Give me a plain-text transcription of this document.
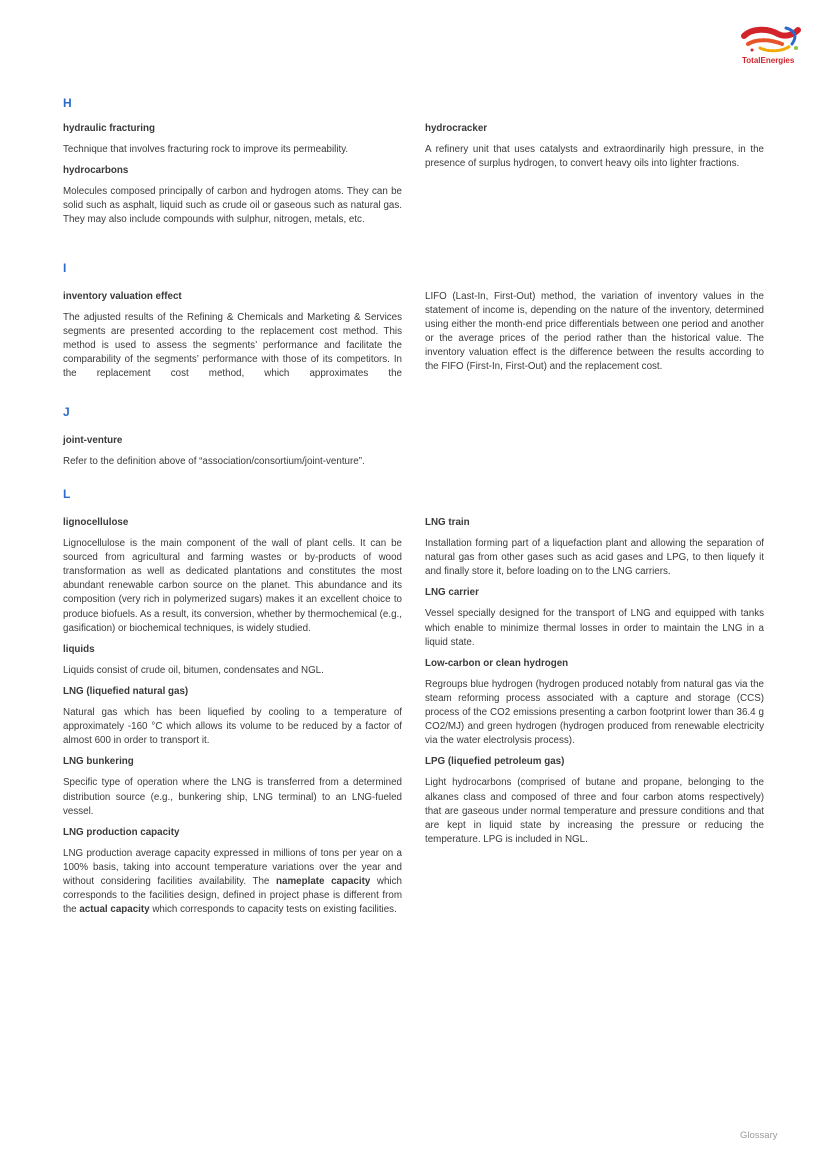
TotalEnergies
H
hydraulic fracturing
Technique that involves fracturing rock to improve its permeability.
hydrocarbons
Molecules composed principally of carbon and hydrogen atoms. They can be solid such as asphalt, liquid such as crude oil or gaseous such as natural gas. They may also include compounds with sulphur, nitrogen, metals, etc.
hydrocracker
A refinery unit that uses catalysts and extraordinarily high pressure, in the presence of surplus hydrogen, to convert heavy oils into lighter fractions.
I
inventory valuation effect
The adjusted results of the Refining & Chemicals and Marketing & Services segments are presented according to the replacement cost method. This method is used to assess the segments’ performance and facilitate the comparability of the segments’ performance with those of its competitors. In the replacement cost method, which approximates the
LIFO (Last-In, First-Out) method, the variation of inventory values in the statement of income is, depending on the nature of the inventory, determined using either the month-end price differentials between one period and another or the average prices of the period rather than the historical value. The inventory valuation effect is the difference between the results according to the FIFO (First-In, First-Out) and the replacement cost.
J
joint-venture
Refer to the definition above of “association/consortium/joint-venture”.
L
lignocellulose
Lignocellulose is the main component of the wall of plant cells. It can be sourced from agricultural and farming wastes or by-products of wood transformation as well as dedicated plantations and constitutes the most abundant renewable carbon source on the planet. This abundance and its composition (very rich in polymerized sugars) makes it an excellent choice to produce biofuels. As a result, its conversion, whether by thermochemical (e.g., gasification) or biochemical techniques, is widely studied.
liquids
Liquids consist of crude oil, bitumen, condensates and NGL.
LNG (liquefied natural gas)
Natural gas which has been liquefied by cooling to a temperature of approximately -160 °C which allows its volume to be reduced by a factor of almost 600 in order to transport it.
LNG bunkering
Specific type of operation where the LNG is transferred from a determined distribution source (e.g., bunkering ship, LNG terminal) to an LNG-fueled vessel.
LNG production capacity
LNG production average capacity expressed in millions of tons per year on a 100% basis, taking into account temperature variations over the year and without considering facilities availability. The nameplate capacity which corresponds to the facilities design, defined in project phase is different from the actual capacity which corresponds to capacity tests on existing facilities.
LNG train
Installation forming part of a liquefaction plant and allowing the separation of natural gas from other gases such as acid gases and LPG, to then liquefy it and finally store it, before loading on to the LNG carriers.
LNG carrier
Vessel specially designed for the transport of LNG and equipped with tanks which enable to minimize thermal losses in order to maintain the LNG in a liquid state.
Low-carbon or clean hydrogen
Regroups blue hydrogen (hydrogen produced notably from natural gas via the steam reforming process associated with a capture and storage (CCS) process of the CO2 emissions presenting a carbon footprint lower than 36.4 g CO2/MJ) and green hydrogen (hydrogen produced from renewable electricity via the water electrolysis process).
LPG (liquefied petroleum gas)
Light hydrocarbons (comprised of butane and propane, belonging to the alkanes class and composed of three and four carbon atoms respectively) that are gaseous under normal temperature and pressure conditions and that are kept in liquid state by increasing the pressure or reducing the temperature. LPG is included in NGL.
Glossary
